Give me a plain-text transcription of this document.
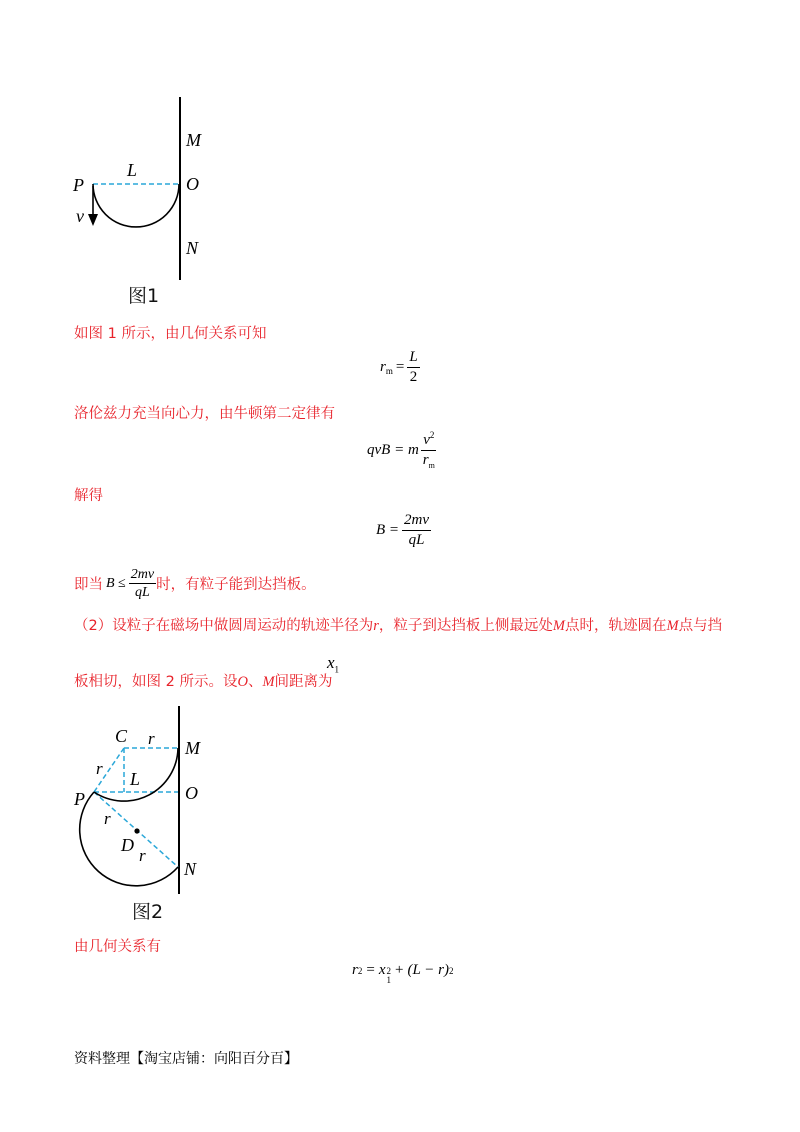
M
O
N
P
L
v
图1
如图 1 所示，由几何关系可知
$r_m = \frac{L}{2}$
洛伦兹力充当向心力，由牛顿第二定律有
qvB = m $\frac{v^2}{r_m}$
解得
$B = \frac{2mv}{qL}$
即当 $B \le \frac{2mv}{qL}$ 时，有粒子能到达挡板。
（2）设粒子在磁场中做圆周运动的轨迹半径为r，粒子到达挡板上侧最远处M点时，轨迹圆在M点与挡
板相切，如图 2 所示。设O、M间距离为
$x_1$
C
M
O
P
D
N
L
r
r
r
r
图2
由几何关系有
r 2 = x 2
1
+ (L − r) 2
资料整理【淘宝店铺：向阳百分百】
